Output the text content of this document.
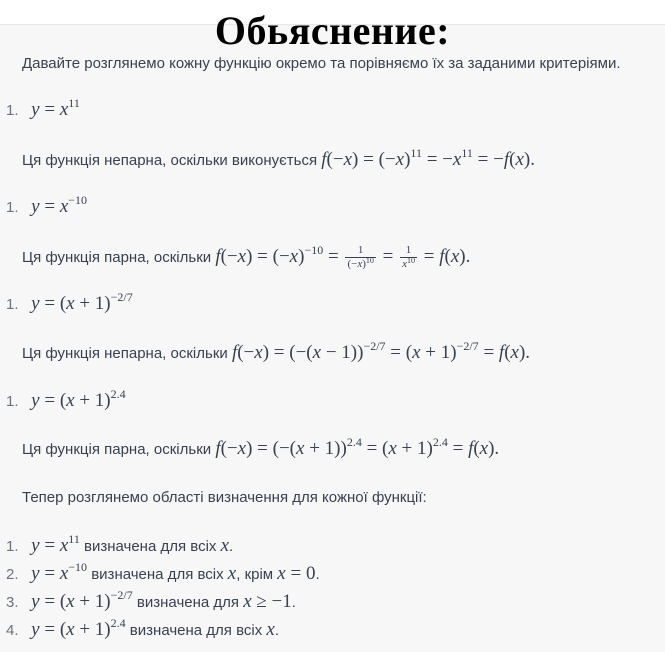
Обьяснение:
Давайте розглянемо кожну функцію окремо та порівняємо їх за заданими критеріями.
1. $y = x^{11}$
Ця функція непарна, оскільки виконується $f(-x) = (-x)^{11} = -x^{11} = -f(x)$.
1. $y = x^{-10}$
Ця функція парна, оскільки $f(-x) = (-x)^{-10} = \frac{1}{(-x)^{10}} = \frac{1}{x^{10}} = f(x)$.
1. $y = (x + 1)^{-2/7}$
Ця функція непарна, оскільки $f(-x) = (-(x - 1))^{-2/7} = (x + 1)^{-2/7} = f(x)$.
1. $y = (x + 1)^{2.4}$
Ця функція парна, оскільки $f(-x) = (-(x + 1))^{2.4} = (x + 1)^{2.4} = f(x)$.
Тепер розглянемо області визначення для кожної функції:
1. $y = x^{11}$ визначена для всіх x.
2. $y = x^{-10}$ визначена для всіх x, крім x = 0.
3. $y = (x + 1)^{-2/7}$ визначена для x ≥ −1.
4. $y = (x + 1)^{2.4}$ визначена для всіх x.
